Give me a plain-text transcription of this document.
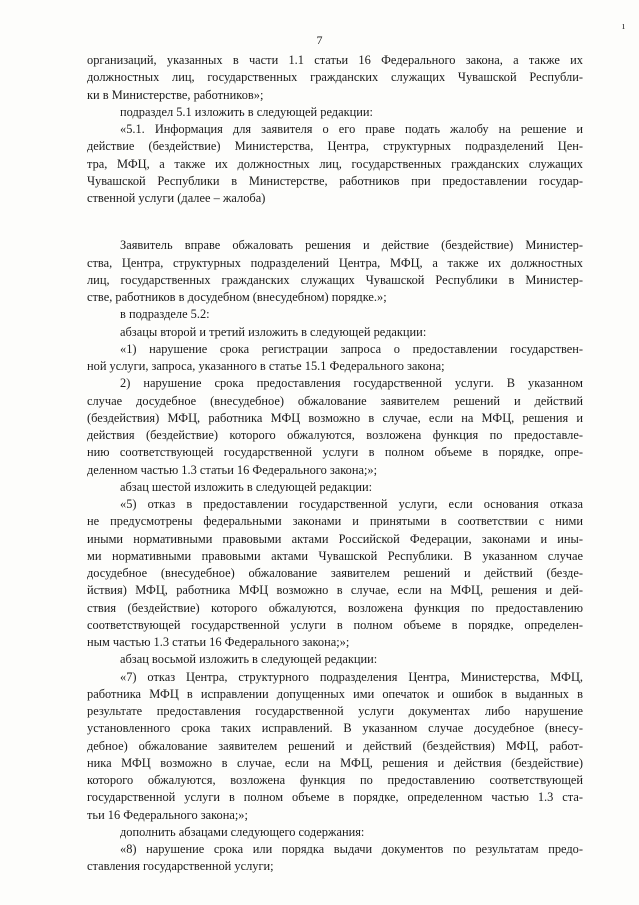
7
ı
организаций, указанных в части 1.1 статьи 16 Федерального закона, а также их
должностных лиц, государственных гражданских служащих Чувашской Республи-
ки в Министерстве, работников»;
подраздел 5.1 изложить в следующей редакции:
«5.1. Информация для заявителя о его праве подать жалобу на решение и
действие (бездействие) Министерства, Центра, структурных подразделений Цен-
тра, МФЦ, а также их должностных лиц, государственных гражданских служащих
Чувашской Республики в Министерстве, работников при предоставлении государ-
ственной услуги (далее – жалоба)
Заявитель вправе обжаловать решения и действие (бездействие) Министер-
ства, Центра, структурных подразделений Центра, МФЦ, а также их должностных
лиц, государственных гражданских служащих Чувашской Республики в Министер-
стве, работников в досудебном (внесудебном) порядке.»;
в подразделе 5.2:
абзацы второй и третий изложить в следующей редакции:
«1) нарушение срока регистрации запроса о предоставлении государствен-
ной услуги, запроса, указанного в статье 15.1 Федерального закона;
2) нарушение срока предоставления государственной услуги. В указанном
случае досудебное (внесудебное) обжалование заявителем решений и действий
(бездействия) МФЦ, работника МФЦ возможно в случае, если на МФЦ, решения и
действия (бездействие) которого обжалуются, возложена функция по предоставле-
нию соответствующей государственной услуги в полном объеме в порядке, опре-
деленном частью 1.3 статьи 16 Федерального закона;»;
абзац шестой изложить в следующей редакции:
«5) отказ в предоставлении государственной услуги, если основания отказа
не предусмотрены федеральными законами и принятыми в соответствии с ними
иными нормативными правовыми актами Российской Федерации, законами и ины-
ми нормативными правовыми актами Чувашской Республики. В указанном случае
досудебное (внесудебное) обжалование заявителем решений и действий (безде-
йствия) МФЦ, работника МФЦ возможно в случае, если на МФЦ, решения и дей-
ствия (бездействие) которого обжалуются, возложена функция по предоставлению
соответствующей государственной услуги в полном объеме в порядке, определен-
ным частью 1.3 статьи 16 Федерального закона;»;
абзац восьмой изложить в следующей редакции:
«7) отказ Центра, структурного подразделения Центра, Министерства, МФЦ,
работника МФЦ в исправлении допущенных ими опечаток и ошибок в выданных в
результате предоставления государственной услуги документах либо нарушение
установленного срока таких исправлений. В указанном случае досудебное (внесу-
дебное) обжалование заявителем решений и действий (бездействия) МФЦ, работ-
ника МФЦ возможно в случае, если на МФЦ, решения и действия (бездействие)
которого обжалуются, возложена функция по предоставлению соответствующей
государственной услуги в полном объеме в порядке, определенном частью 1.3 ста-
тьи 16 Федерального закона;»;
дополнить абзацами следующего содержания:
«8) нарушение срока или порядка выдачи документов по результатам предо-
ставления государственной услуги;
